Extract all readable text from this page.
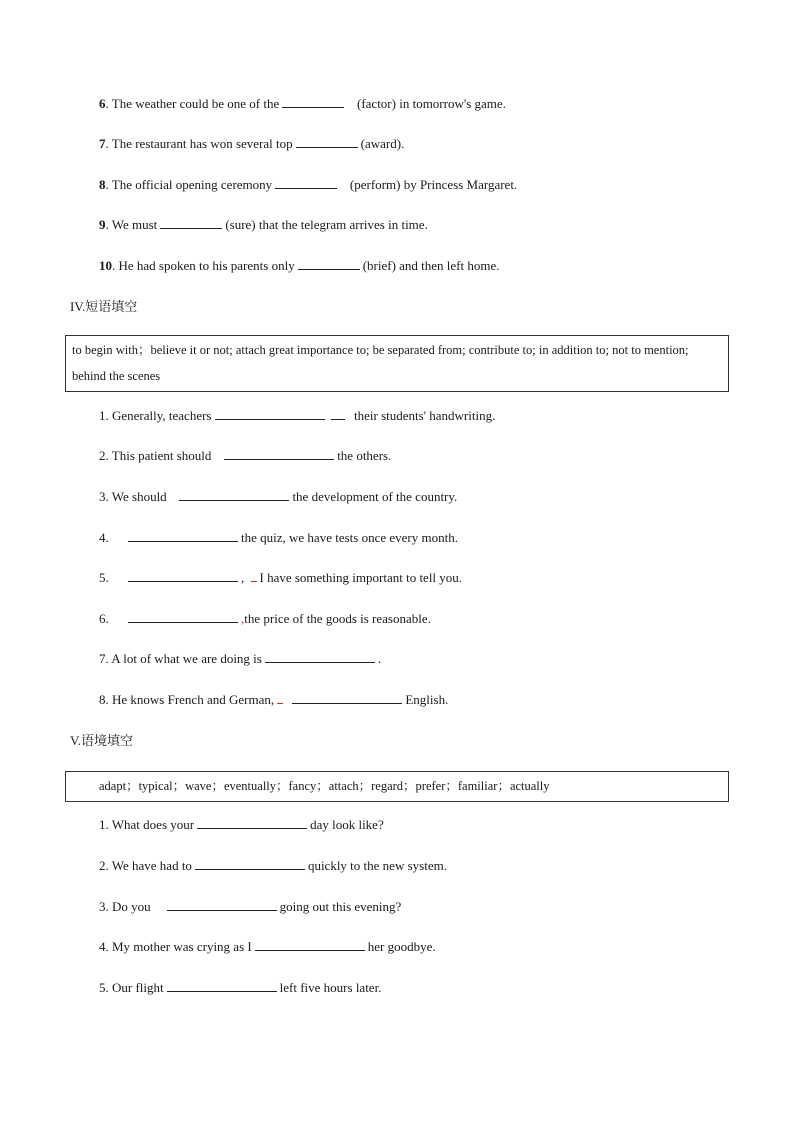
6. The weather could be one of the	(factor) in tomorrow's game.
7. The restaurant has won several top	(award).
8. The official opening ceremony	(perform) by Princess Margaret.
9. We must	(sure) that the telegram arrives in time.
10. He had spoken to his parents only	(brief) and then left home.
IV.短语填空
to begin with；believe it or not; attach great importance to; be separated from; contribute to; in addition to; not to mention; behind the scenes
1. Generally, teachers	their students' handwriting.
2. This patient should	the others.
3. We should	the development of the country.
4.	the quiz, we have tests once every month.
5.	, I have something important to tell you.
6.	,the price of the goods is reasonable.
7. A lot of what we are doing is	.
8. He knows French and German,	English.
V.语境填空
adapt；typical；wave；eventually；fancy；attach；regard；prefer；familiar；actually
1. What does your	day look like?
2. We have had to	quickly to the new system.
3. Do you	going out this evening?
4. My mother was crying as I	her goodbye.
5. Our flight	left five hours later.
